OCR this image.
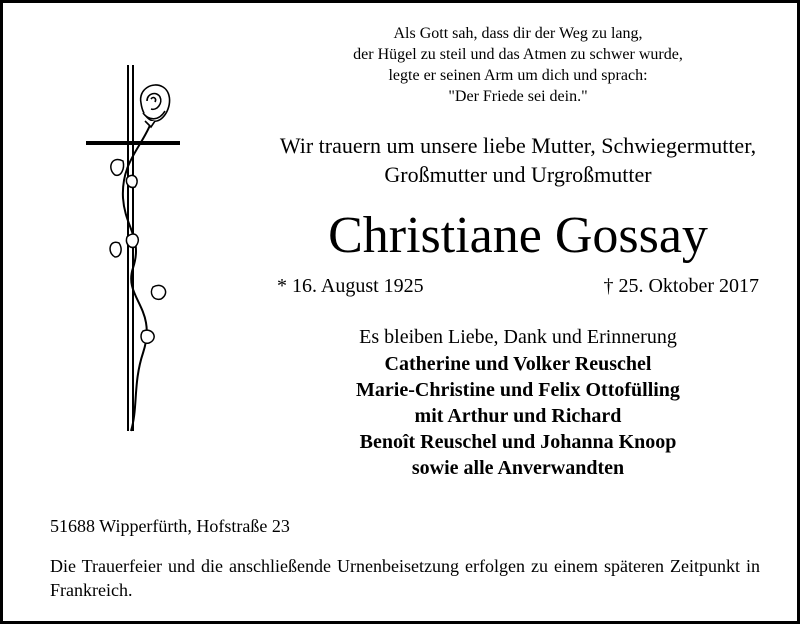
Als Gott sah, dass dir der Weg zu lang,
der Hügel zu steil und das Atmen zu schwer wurde,
legte er seinen Arm um dich und sprach:
"Der Friede sei dein."
Wir trauern um unsere liebe Mutter, Schwiegermutter,
Großmutter und Urgroßmutter
Christiane Gossay
* 16. August 1925	† 25. Oktober 2017
Es bleiben Liebe, Dank und Erinnerung
Catherine und Volker Reuschel
Marie-Christine und Felix Ottofülling
mit Arthur und Richard
Benoît Reuschel und Johanna Knoop
sowie alle Anverwandten
51688 Wipperfürth, Hofstraße 23
Die Trauerfeier und die anschließende Urnenbeisetzung erfolgen zu einem späteren Zeitpunkt in Frankreich.
